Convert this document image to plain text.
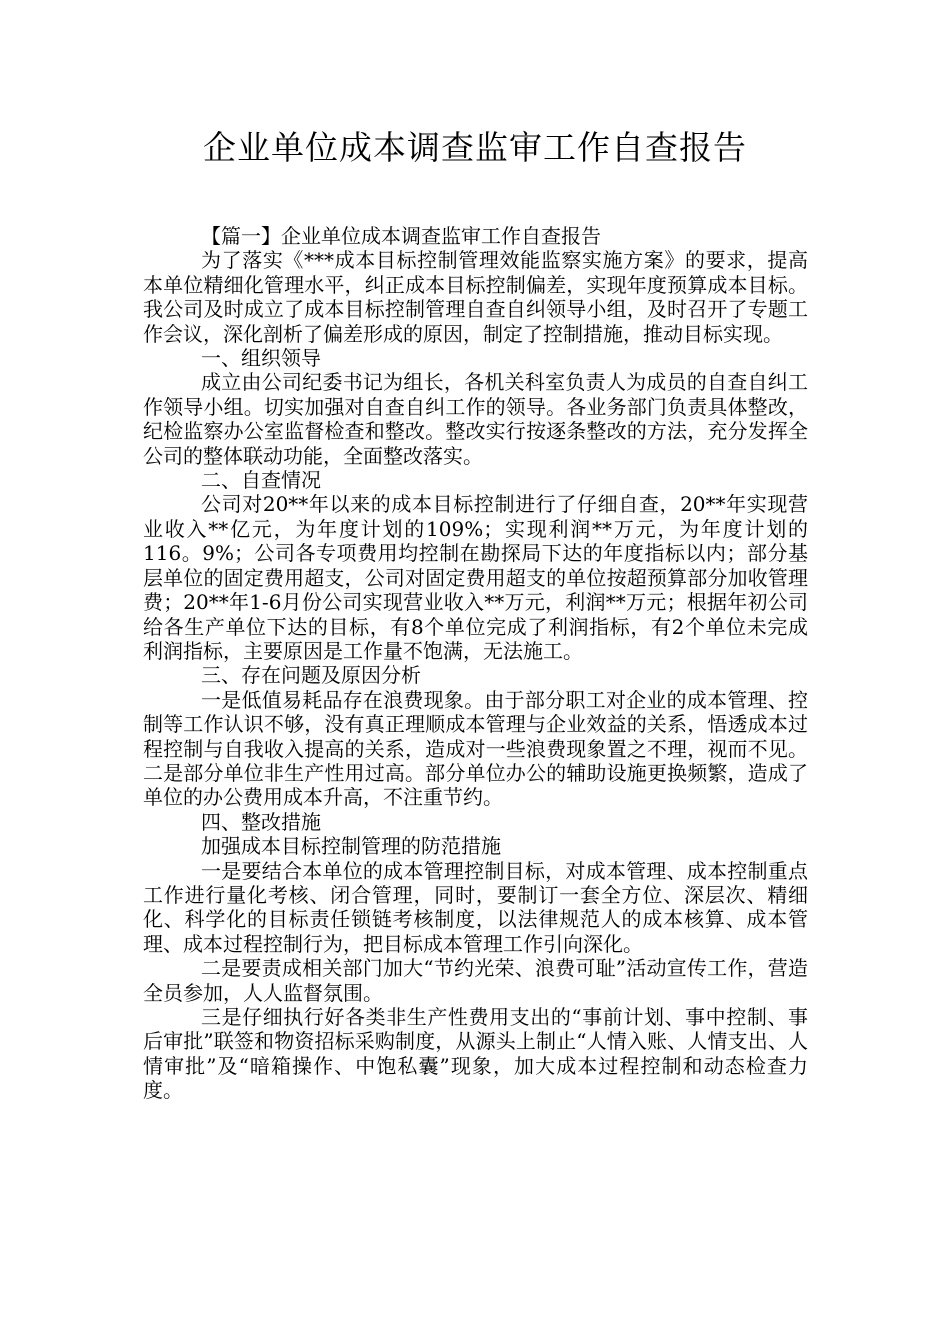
企业单位成本调查监审工作自查报告

【篇一】企业单位成本调查监审工作自查报告

为了落实《***成本目标控制管理效能监察实施方案》的要求，提高本单位精细化管理水平，纠正成本目标控制偏差，实现年度预算成本目标。我公司及时成立了成本目标控制管理自查自纠领导小组，及时召开了专题工作会议，深化剖析了偏差形成的原因，制定了控制措施，推动目标实现。

一、组织领导

成立由公司纪委书记为组长，各机关科室负责人为成员的自查自纠工作领导小组。切实加强对自查自纠工作的领导。各业务部门负责具体整改，纪检监察办公室监督检查和整改。整改实行按逐条整改的方法，充分发挥全公司的整体联动功能，全面整改落实。

二、自查情况

公司对20**年以来的成本目标控制进行了仔细自查，20**年实现营业收入**亿元，为年度计划的109%；实现利润**万元，为年度计划的116。9%；公司各专项费用均控制在勘探局下达的年度指标以内；部分基层单位的固定费用超支，公司对固定费用超支的单位按超预算部分加收管理费；20**年1-6月份公司实现营业收入**万元，利润**万元；根据年初公司给各生产单位下达的目标，有8个单位完成了利润指标，有2个单位未完成利润指标，主要原因是工作量不饱满，无法施工。

三、存在问题及原因分析

一是低值易耗品存在浪费现象。由于部分职工对企业的成本管理、控制等工作认识不够，没有真正理顺成本管理与企业效益的关系，悟透成本过程控制与自我收入提高的关系，造成对一些浪费现象置之不理，视而不见。二是部分单位非生产性用过高。部分单位办公的辅助设施更换频繁，造成了单位的办公费用成本升高，不注重节约。

四、整改措施

加强成本目标控制管理的防范措施

一是要结合本单位的成本管理控制目标，对成本管理、成本控制重点工作进行量化考核、闭合管理，同时，要制订一套全方位、深层次、精细化、科学化的目标责任锁链考核制度，以法律规范人的成本核算、成本管理、成本过程控制行为，把目标成本管理工作引向深化。

二是要责成相关部门加大“节约光荣、浪费可耻”活动宣传工作，营造全员参加，人人监督氛围。

三是仔细执行好各类非生产性费用支出的“事前计划、事中控制、事后审批”联签和物资招标采购制度，从源头上制止“人情入账、人情支出、人情审批”及“暗箱操作、中饱私囊”现象，加大成本过程控制和动态检查力度。
